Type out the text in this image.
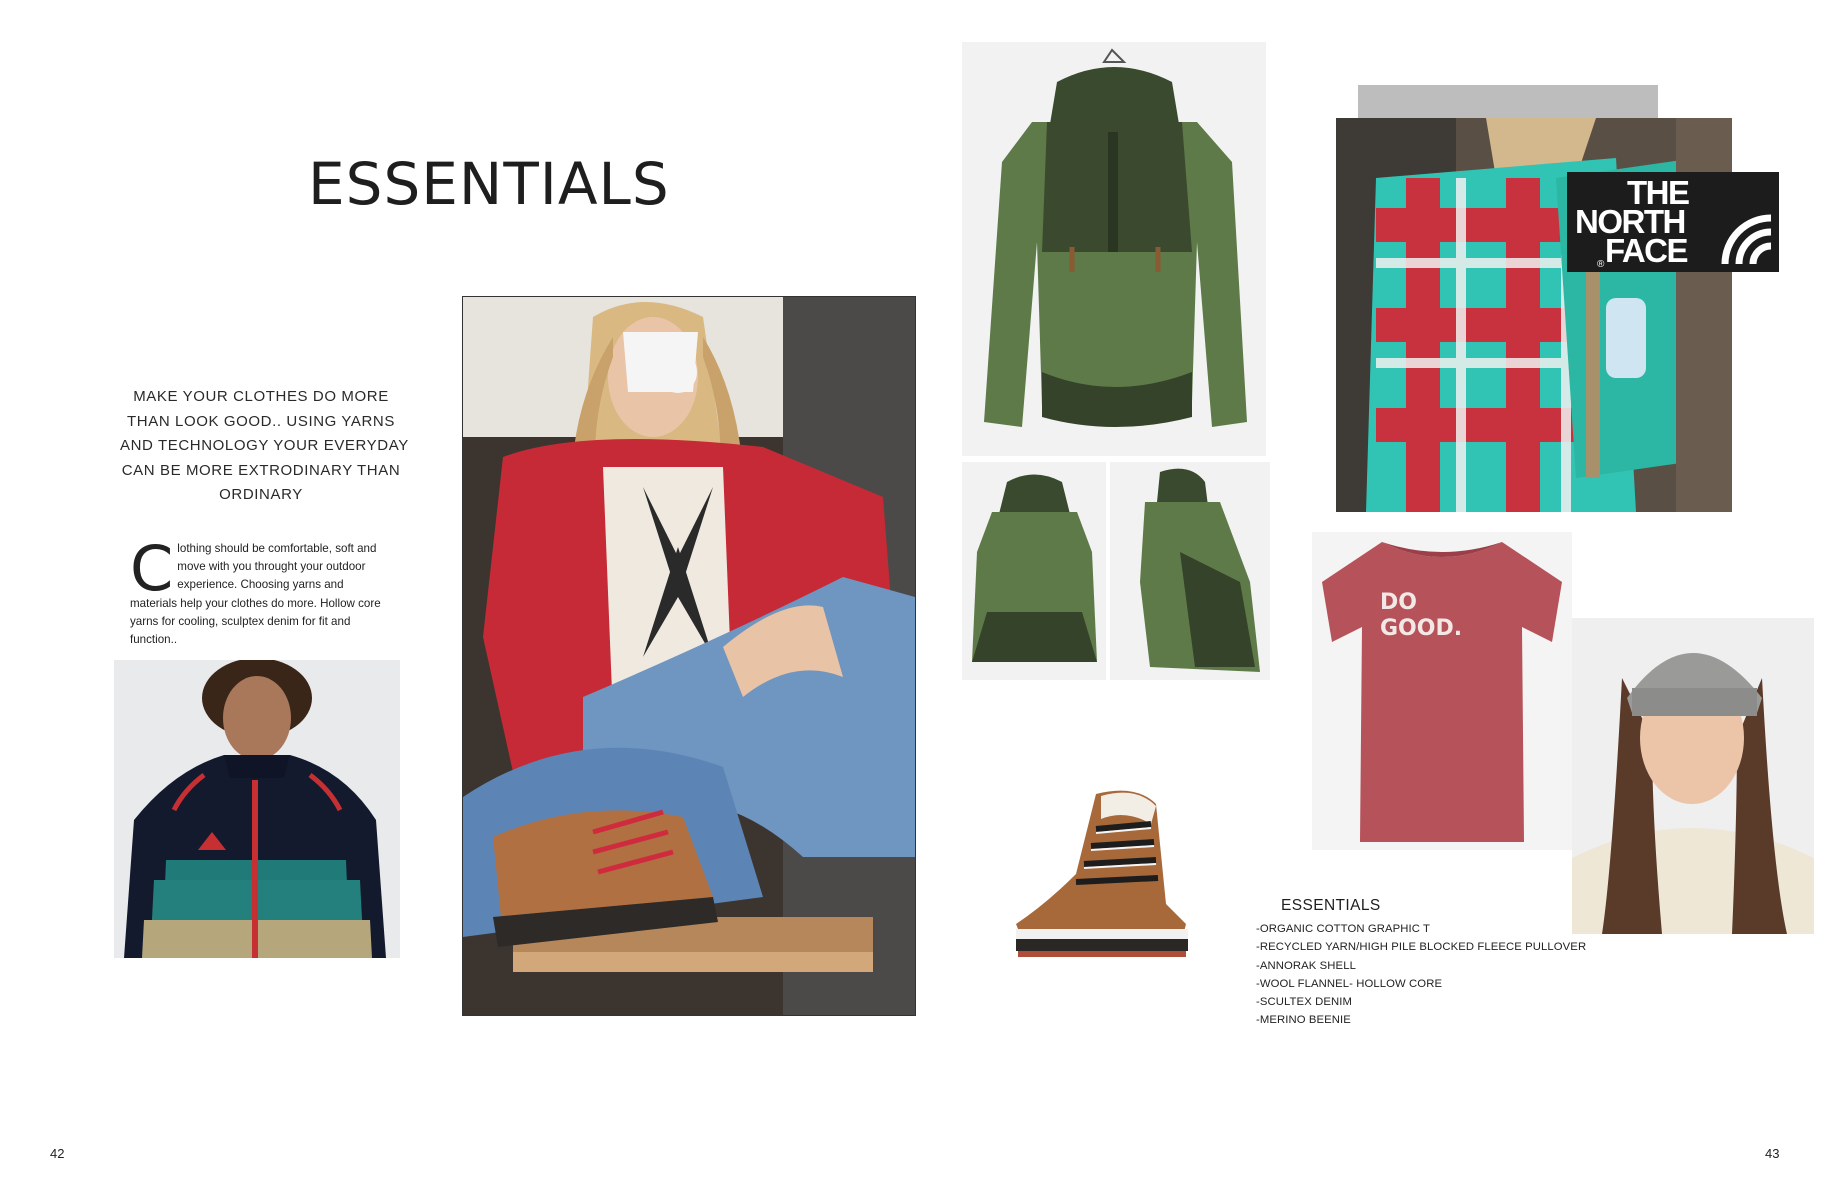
ESSENTIALS
MAKE YOUR CLOTHES DO MORE
THAN LOOK GOOD.. USING YARNS
AND TECHNOLOGY YOUR EVERYDAY
CAN BE MORE EXTRODINARY THAN
ORDINARY
Clothing should be comfortable, soft and move with you throught your outdoor experience. Choosing yarns and materials help your clothes do more. Hollow core yarns for cooling, sculptex denim for fit and function..
THE
NORTH
FACE
®
DO
GOOD.
ESSENTIALS
-ORGANIC COTTON GRAPHIC T
-RECYCLED YARN/HIGH PILE BLOCKED FLEECE PULLOVER
-ANNORAK SHELL
-WOOL FLANNEL- HOLLOW CORE
-SCULTEX DENIM
-MERINO BEENIE
42	43
